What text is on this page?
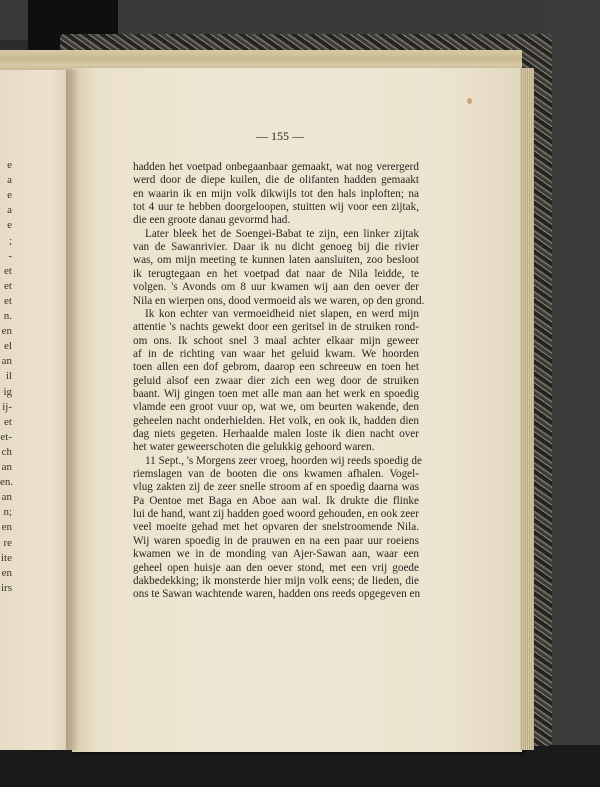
e
a
e
a
e
;
-
et
et
et
n.
en
el
an
il
ig
ij-
et
et-
ch
an
en.
an
n;
en
re
ite
en
irs
— 155 —
hadden het voetpad onbegaanbaar gemaakt, wat nog verergerd
werd door de diepe kuilen, die de olifanten hadden gemaakt
en waarin ik en mijn volk dikwijls tot den hals inploften; na
tot 4 uur te hebben doorgeloopen, stuitten wij voor een zijtak,
die een groote danau gevormd had.
Later bleek het de Soengei-Babat te zijn, een linker zijtak
van de Sawanrivier. Daar ik nu dicht genoeg bij die rivier
was, om mijn meeting te kunnen laten aansluiten, zoo besloot
ik terugtegaan en het voetpad dat naar de Nila leidde, te
volgen. 's Avonds om 8 uur kwamen wij aan den oever der
Nila en wierpen ons, dood vermoeid als we waren, op den grond.
Ik kon echter van vermoeidheid niet slapen, en werd mijn
attentie 's nachts gewekt door een geritsel in de struiken rond-
om ons. Ik schoot snel 3 maal achter elkaar mijn geweer
af in de richting van waar het geluid kwam. We hoorden
toen allen een dof gebrom, daarop een schreeuw en toen het
geluid alsof een zwaar dier zich een weg door de struiken
baant. Wij gingen toen met alle man aan het werk en spoedig
vlamde een groot vuur op, wat we, om beurten wakende, den
geheelen nacht onderhielden. Het volk, en ook ik, hadden dien
dag niets gegeten. Herhaalde malen loste ik dien nacht over
het water geweerschoten die gelukkig gehoord waren.
11 Sept., 's Morgens zeer vroeg, hoorden wij reeds spoedig de
riemslagen van de booten die ons kwamen afhalen. Vogel-
vlug zakten zij de zeer snelle stroom af en spoedig daarna was
Pa Oentoe met Baga en Aboe aan wal. Ik drukte die flinke
lui de hand, want zij hadden goed woord gehouden, en ook zeer
veel moeite gehad met het opvaren der snelstroomende Nila.
Wij waren spoedig in de prauwen en na een paar uur roeiens
kwamen we in de monding van Ajer-Sawan aan, waar een
geheel open huisje aan den oever stond, met een vrij goede
dakbedekking; ik monsterde hier mijn volk eens; de lieden, die
ons te Sawan wachtende waren, hadden ons reeds opgegeven en
